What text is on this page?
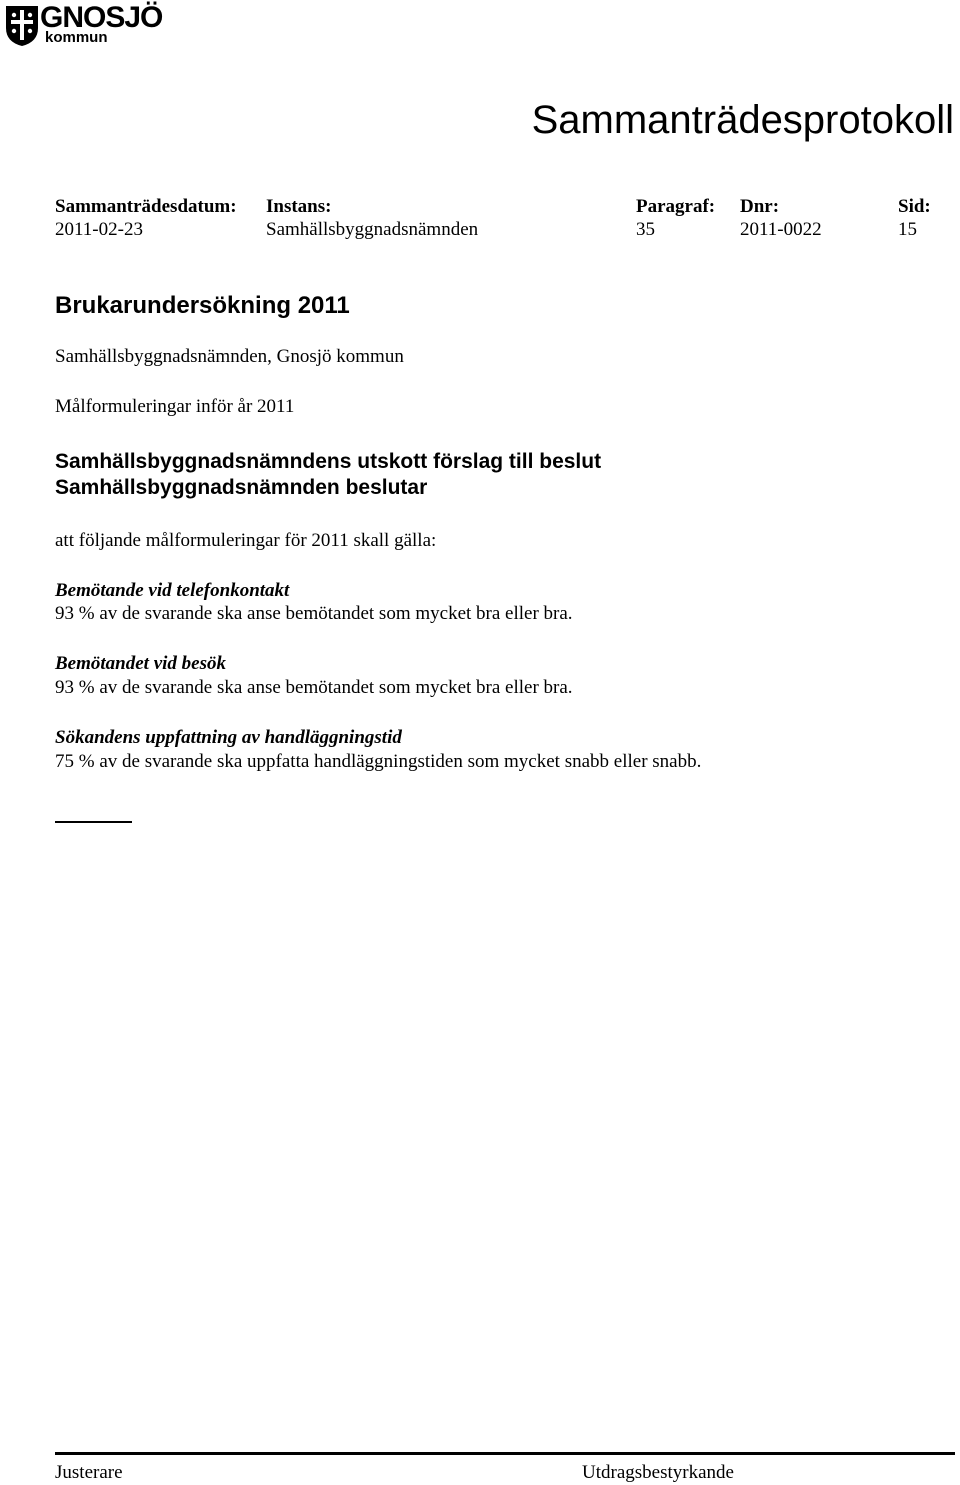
GNOSJÖ
kommun
Sammanträdesprotokoll
Sammanträdesdatum:
2011-02-23
Instans:
Samhällsbyggnadsnämnden
Paragraf:
35
Dnr:
2011-0022
Sid:
15
Brukarundersökning 2011
Samhällsbyggnadsnämnden, Gnosjö kommun
Målformuleringar inför år 2011
Samhällsbyggnadsnämndens utskott förslag till beslut
Samhällsbyggnadsnämnden beslutar
att följande målformuleringar för 2011 skall gälla:
Bemötande vid telefonkontakt
93 % av de svarande ska anse bemötandet som mycket bra eller bra.
Bemötandet vid besök
93 % av de svarande ska anse bemötandet som mycket bra eller bra.
Sökandens uppfattning av handläggningstid
75 % av de svarande ska uppfatta handläggningstiden som mycket snabb eller snabb.
Justerare	Utdragsbestyrkande
